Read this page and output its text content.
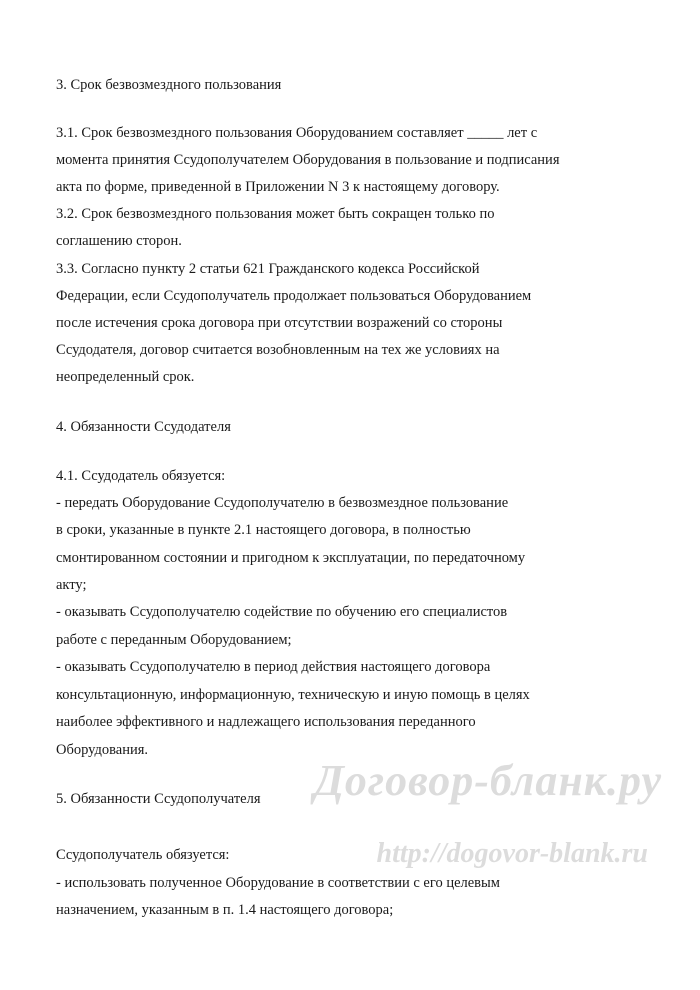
3. Срок безвозмездного пользования

3.1. Срок безвозмездного пользования Оборудованием составляет _____ лет с

момента принятия Ссудополучателем Оборудования в пользование и подписания

акта по форме, приведенной в Приложении N 3 к настоящему договору.

3.2. Срок безвозмездного пользования может быть сокращен только по

соглашению сторон.

3.3. Согласно пункту 2 статьи 621 Гражданского кодекса Российской

Федерации, если Ссудополучатель продолжает пользоваться Оборудованием

после истечения срока договора при отсутствии возражений со стороны

Ссудодателя, договор считается возобновленным на тех же условиях на

неопределенный срок.

4. Обязанности Ссудодателя

4.1. Ссудодатель обязуется:

- передать Оборудование Ссудополучателю в безвозмездное пользование

в сроки, указанные в пункте 2.1 настоящего договора, в полностью

смонтированном состоянии и пригодном к эксплуатации, по передаточному

акту;

- оказывать Ссудополучателю содействие по обучению его специалистов

работе с переданным Оборудованием;

- оказывать Ссудополучателю в период действия настоящего договора

консультационную, информационную, техническую и иную помощь в целях

наиболее эффективного и надлежащего использования переданного

Оборудования.

5. Обязанности Ссудополучателя

Ссудополучатель обязуется:

- использовать полученное Оборудование в соответствии с его целевым

назначением, указанным в п. 1.4 настоящего договора;

Договор-бланк.ру
http://dogovor-blank.ru
